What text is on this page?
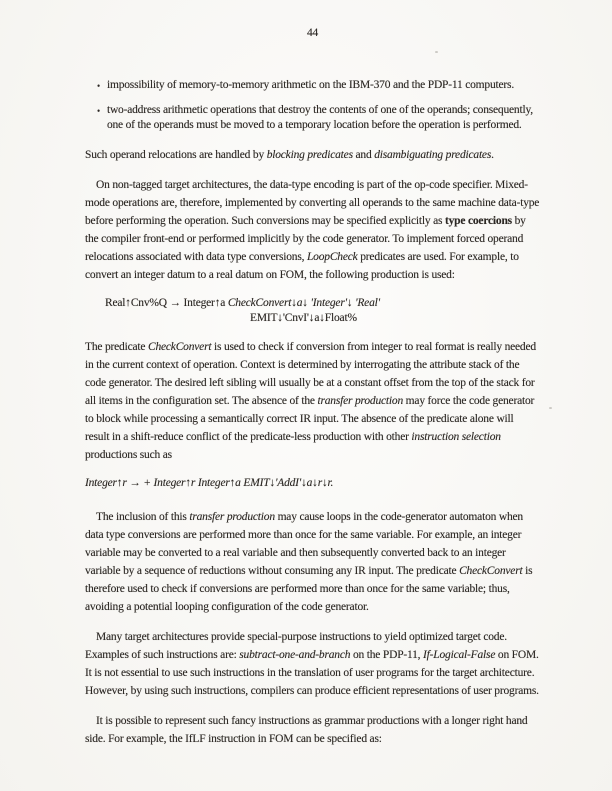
44
• impossibility of memory-to-memory arithmetic on the IBM-370 and the PDP-11 computers.
• two-address arithmetic operations that destroy the contents of one of the operands; consequently, one of the operands must be moved to a temporary location before the operation is performed.

Such operand relocations are handled by blocking predicates and disambiguating predicates.

On non-tagged target architectures, the data-type encoding is part of the op-code specifier. Mixed-mode operations are, therefore, implemented by converting all operands to the same machine data-type before performing the operation. Such conversions may be specified explicitly as type coercions by the compiler front-end or performed implicitly by the code generator. To implement forced operand relocations associated with data type conversions, LoopCheck predicates are used. For example, to convert an integer datum to a real datum on FOM, the following production is used:

Real↑Cnv%Q → Integer↑a CheckConvert↓a↓ 'Integer'↓ 'Real'
EMIT↓'CnvI'↓a↓Float%

The predicate CheckConvert is used to check if conversion from integer to real format is really needed in the current context of operation. Context is determined by interrogating the attribute stack of the code generator. The desired left sibling will usually be at a constant offset from the top of the stack for all items in the configuration set. The absence of the transfer production may force the code generator to block while processing a semantically correct IR input. The absence of the predicate alone will result in a shift-reduce conflict of the predicate-less production with other instruction selection productions such as

Integer↑r → + Integer↑r Integer↑a EMIT↓'AddI'↓a↓r↓r.

The inclusion of this transfer production may cause loops in the code-generator automaton when data type conversions are performed more than once for the same variable. For example, an integer variable may be converted to a real variable and then subsequently converted back to an integer variable by a sequence of reductions without consuming any IR input. The predicate CheckConvert is therefore used to check if conversions are performed more than once for the same variable; thus, avoiding a potential looping configuration of the code generator.

Many target architectures provide special-purpose instructions to yield optimized target code. Examples of such instructions are: subtract-one-and-branch on the PDP-11, If-Logical-False on FOM. It is not essential to use such instructions in the translation of user programs for the target architecture. However, by using such instructions, compilers can produce efficient representations of user programs.

It is possible to represent such fancy instructions as grammar productions with a longer right hand side. For example, the IfLF instruction in FOM can be specified as:
